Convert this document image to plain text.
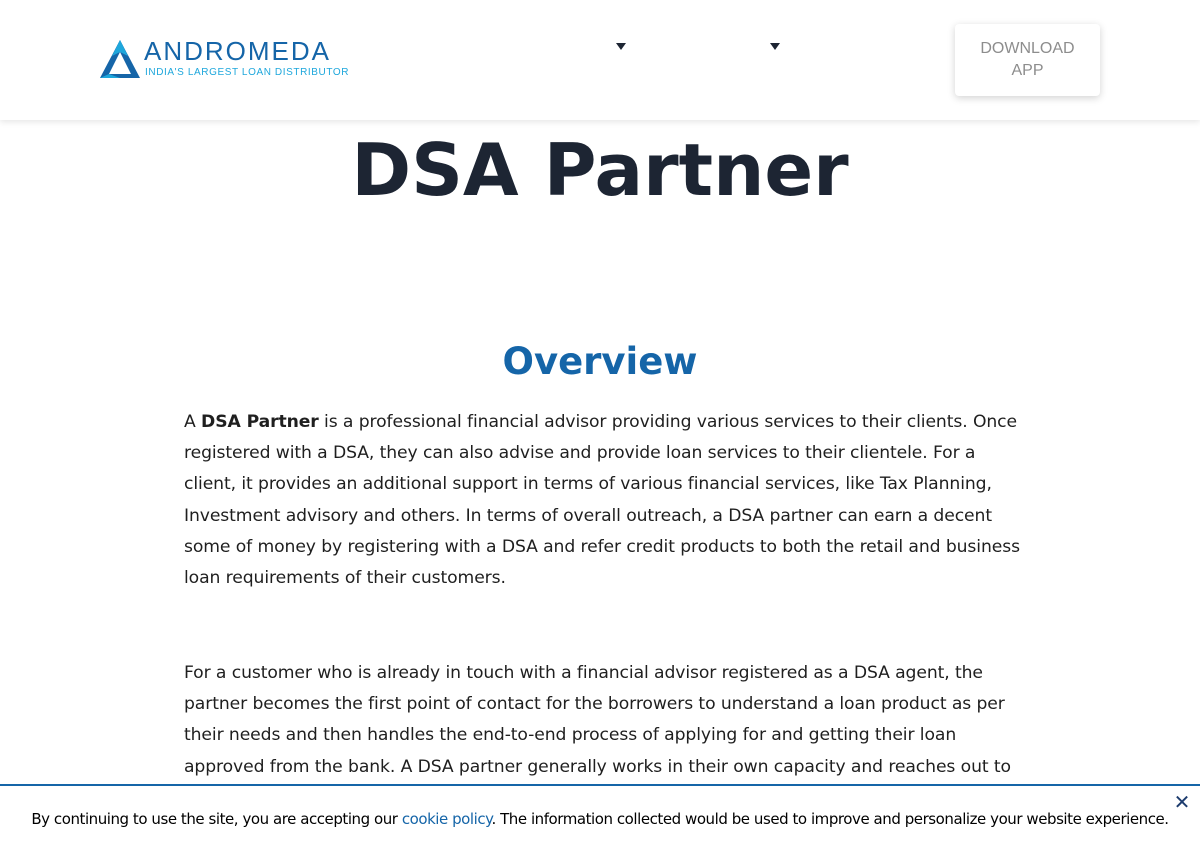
ANDROMEDA
INDIA'S LARGEST LOAN DISTRIBUTOR
DOWNLOAD APP
DSA Partner
Overview

A DSA Partner is a professional financial advisor providing various services to their clients. Once registered with a DSA, they can also advise and provide loan services to their clientele. For a client, it provides an additional support in terms of various financial services, like Tax Planning, Investment advisory and others. In terms of overall outreach, a DSA partner can earn a decent some of money by registering with a DSA and refer credit products to both the retail and business loan requirements of their customers.

For a customer who is already in touch with a financial advisor registered as a DSA agent, the partner becomes the first point of contact for the borrowers to understand a loan product as per their needs and then handles the end-to-end process of applying for and getting their loan approved from the bank. A DSA partner generally works in their own capacity and reaches out to

✕

By continuing to use the site, you are accepting our cookie policy. The information collected would be used to improve and personalize your website experience.
